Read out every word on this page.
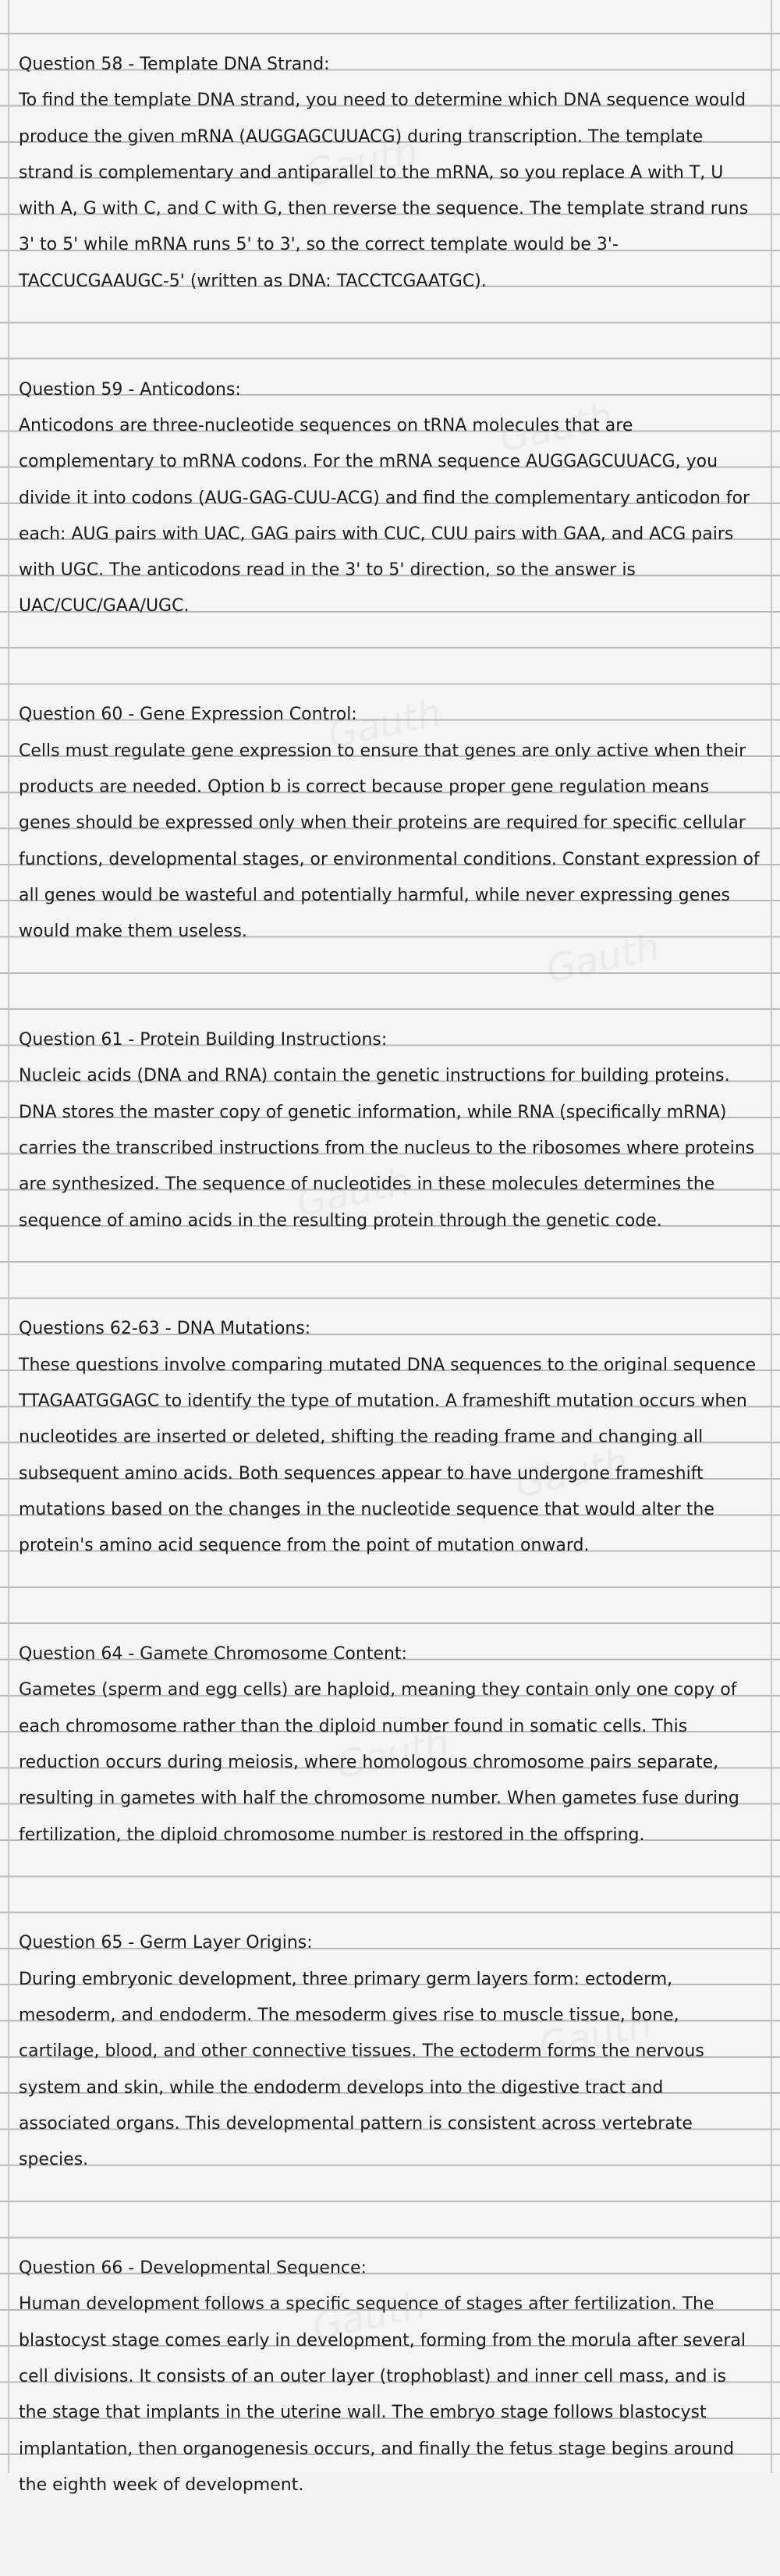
Gauth
Gauth
Gauth
Gauth
Gauth
Gauth
Gauth
Gauth
Gauth
Question 58 - Template DNA Strand:

To find the template DNA strand, you need to determine which DNA sequence would produce the given mRNA (AUGGAGCUUACG) during transcription. The template strand is complementary and antiparallel to the mRNA, so you replace A with T, U with A, G with C, and C with G, then reverse the sequence. The template strand runs 3' to 5' while mRNA runs 5' to 3', so the correct template would be 3'-TACCUCGAAUGC-5' (written as DNA: TACCTCGAATGC).

Question 59 - Anticodons:

Anticodons are three-nucleotide sequences on tRNA molecules that are complementary to mRNA codons. For the mRNA sequence AUGGAGCUUACG, you divide it into codons (AUG-GAG-CUU-ACG) and find the complementary anticodon for each: AUG pairs with UAC, GAG pairs with CUC, CUU pairs with GAA, and ACG pairs with UGC. The anticodons read in the 3' to 5' direction, so the answer is UAC/CUC/GAA/UGC.

Question 60 - Gene Expression Control:

Cells must regulate gene expression to ensure that genes are only active when their products are needed. Option b is correct because proper gene regulation means genes should be expressed only when their proteins are required for specific cellular functions, developmental stages, or environmental conditions. Constant expression of all genes would be wasteful and potentially harmful, while never expressing genes would make them useless.

Question 61 - Protein Building Instructions:

Nucleic acids (DNA and RNA) contain the genetic instructions for building proteins. DNA stores the master copy of genetic information, while RNA (specifically mRNA) carries the transcribed instructions from the nucleus to the ribosomes where proteins are synthesized. The sequence of nucleotides in these molecules determines the sequence of amino acids in the resulting protein through the genetic code.

Questions 62-63 - DNA Mutations:

These questions involve comparing mutated DNA sequences to the original sequence TTAGAATGGAGC to identify the type of mutation. A frameshift mutation occurs when nucleotides are inserted or deleted, shifting the reading frame and changing all subsequent amino acids. Both sequences appear to have undergone frameshift mutations based on the changes in the nucleotide sequence that would alter the protein's amino acid sequence from the point of mutation onward.

Question 64 - Gamete Chromosome Content:

Gametes (sperm and egg cells) are haploid, meaning they contain only one copy of each chromosome rather than the diploid number found in somatic cells. This reduction occurs during meiosis, where homologous chromosome pairs separate, resulting in gametes with half the chromosome number. When gametes fuse during fertilization, the diploid chromosome number is restored in the offspring.

Question 65 - Germ Layer Origins:

During embryonic development, three primary germ layers form: ectoderm, mesoderm, and endoderm. The mesoderm gives rise to muscle tissue, bone, cartilage, blood, and other connective tissues. The ectoderm forms the nervous system and skin, while the endoderm develops into the digestive tract and associated organs. This developmental pattern is consistent across vertebrate species.

Question 66 - Developmental Sequence:

Human development follows a specific sequence of stages after fertilization. The blastocyst stage comes early in development, forming from the morula after several cell divisions. It consists of an outer layer (trophoblast) and inner cell mass, and is the stage that implants in the uterine wall. The embryo stage follows blastocyst implantation, then organogenesis occurs, and finally the fetus stage begins around the eighth week of development.
